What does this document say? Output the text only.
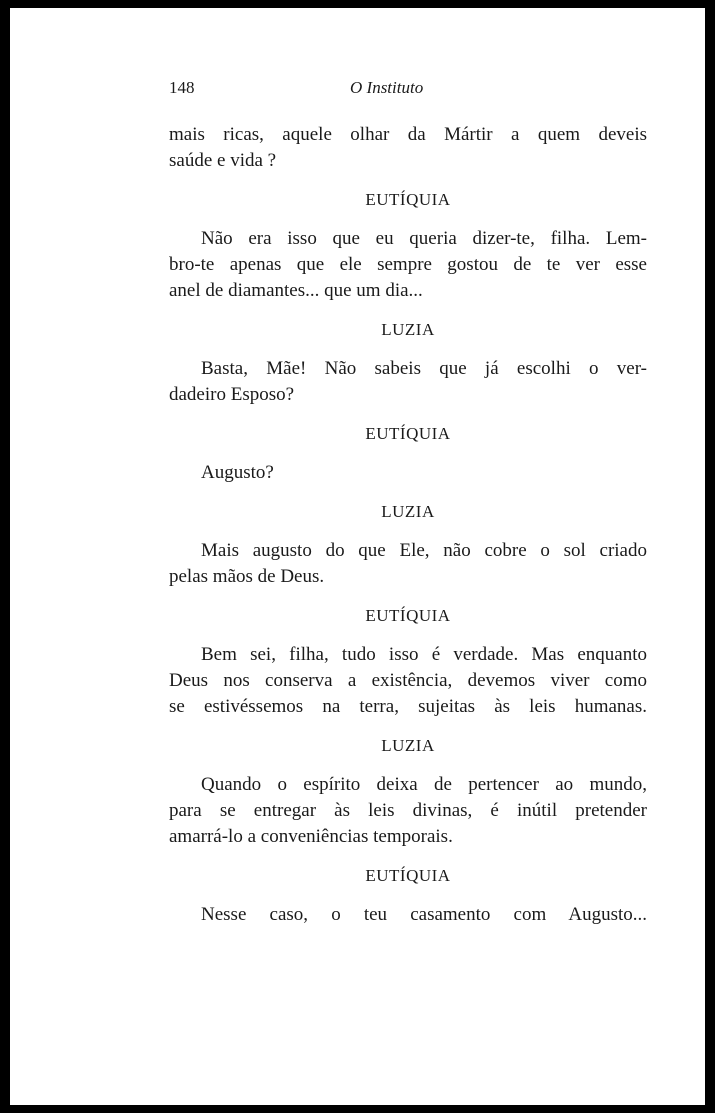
148	O Instituto

mais ricas, aquele olhar da Mártir a quem deveis
saúde e vida ?

EUTÍQUIA

Não era isso que eu queria dizer-te, filha. Lem-
bro-te apenas que ele sempre gostou de te ver esse
anel de diamantes... que um dia...

LUZIA

Basta, Mãe! Não sabeis que já escolhi o ver-
dadeiro Esposo?

EUTÍQUIA

Augusto?

LUZIA

Mais augusto do que Ele, não cobre o sol criado
pelas mãos de Deus.

EUTÍQUIA

Bem sei, filha, tudo isso é verdade. Mas enquanto
Deus nos conserva a existência, devemos viver como
se estivéssemos na terra, sujeitas às leis humanas.

LUZIA

Quando o espírito deixa de pertencer ao mundo,
para se entregar às leis divinas, é inútil pretender
amarrá-lo a conveniências temporais.

EUTÍQUIA

Nesse caso, o teu casamento com Augusto...
